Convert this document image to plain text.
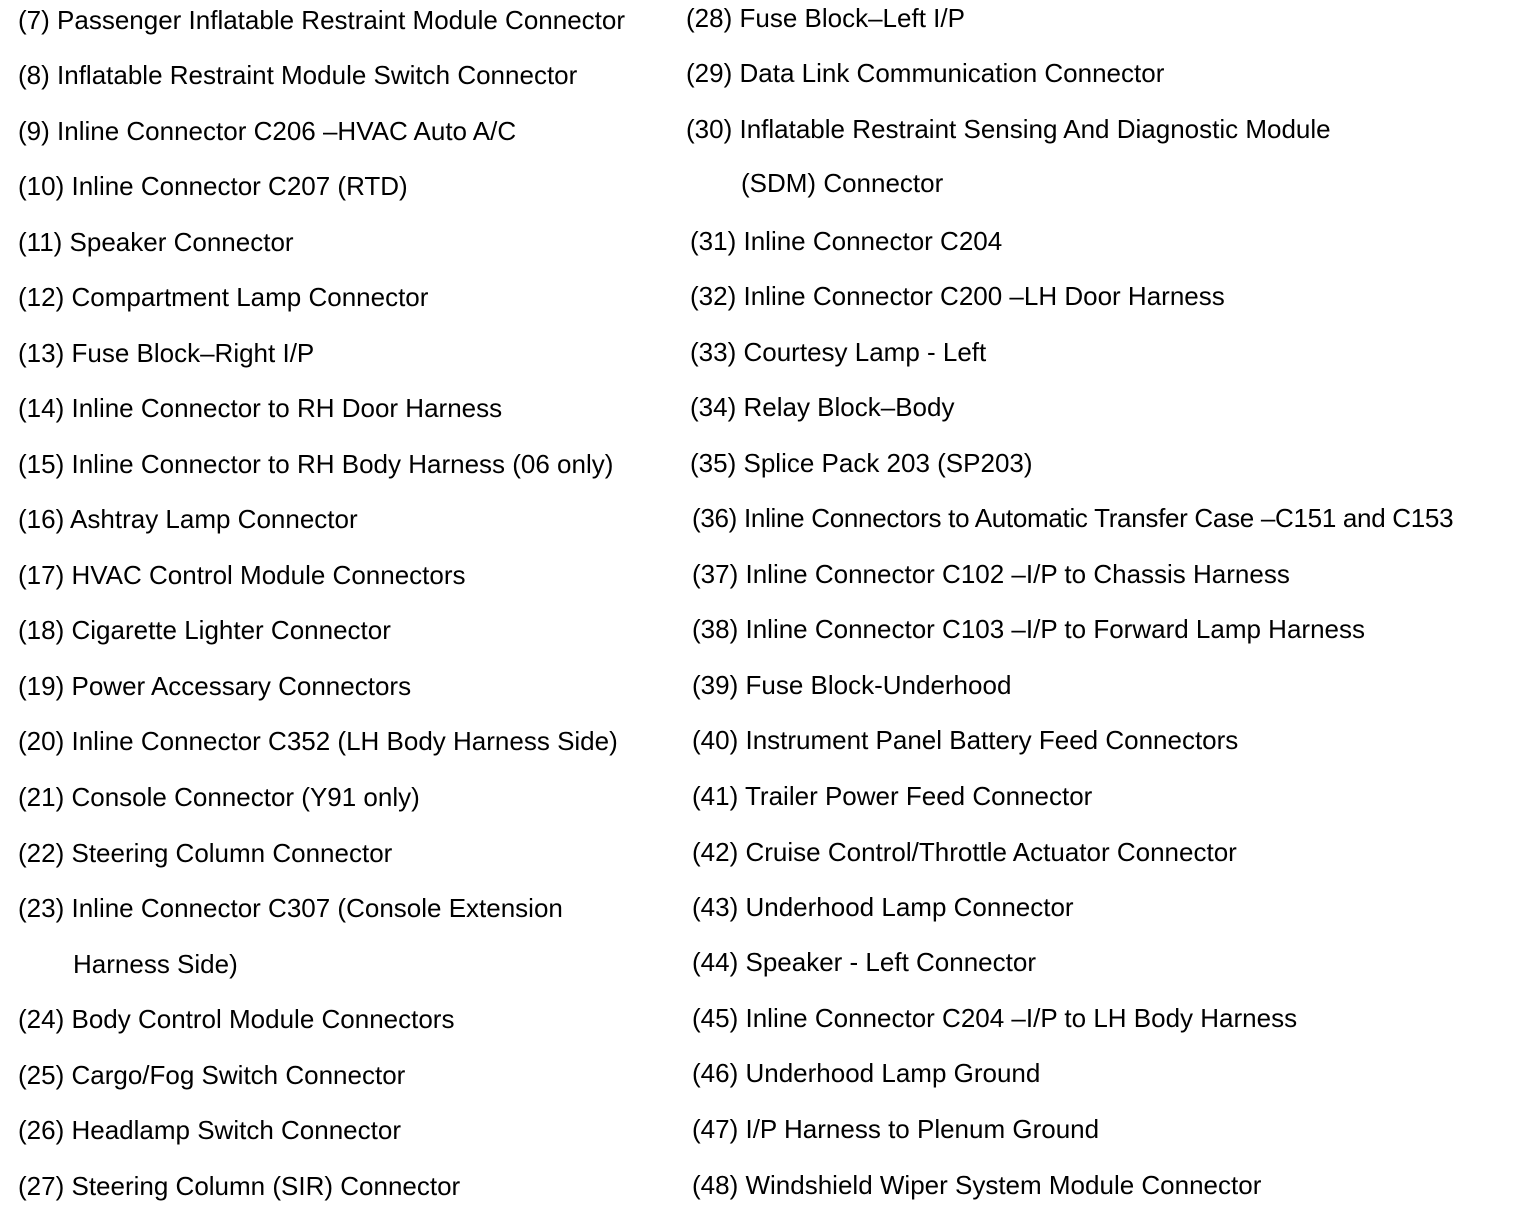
(7) Passenger Inflatable Restraint Module Connector
(8) Inflatable Restraint Module Switch Connector
(9) Inline Connector C206 –HVAC Auto A/C
(10) Inline Connector C207 (RTD)
(11) Speaker Connector
(12) Compartment Lamp Connector
(13) Fuse Block–Right I/P
(14) Inline Connector to RH Door Harness
(15) Inline Connector to RH Body Harness (06 only)
(16) Ashtray Lamp Connector
(17) HVAC Control Module Connectors
(18) Cigarette Lighter Connector
(19) Power Accessary Connectors
(20) Inline Connector C352 (LH Body Harness Side)
(21) Console Connector (Y91 only)
(22) Steering Column Connector
(23) Inline Connector C307 (Console Extension
Harness Side)
(24) Body Control Module Connectors
(25) Cargo/Fog Switch Connector
(26) Headlamp Switch Connector
(27) Steering Column (SIR) Connector
(28) Fuse Block–Left I/P
(29) Data Link Communication Connector
(30) Inflatable Restraint Sensing And Diagnostic Module
(SDM) Connector
(31) Inline Connector C204
(32) Inline Connector C200 –LH Door Harness
(33) Courtesy Lamp - Left
(34) Relay Block–Body
(35) Splice Pack 203 (SP203)
(36) Inline Connectors to Automatic Transfer Case –C151 and C153
(37) Inline Connector C102 –I/P to Chassis Harness
(38) Inline Connector C103 –I/P to Forward Lamp Harness
(39) Fuse Block-Underhood
(40) Instrument Panel Battery Feed Connectors
(41) Trailer Power Feed Connector
(42) Cruise Control/Throttle Actuator Connector
(43) Underhood Lamp Connector
(44) Speaker - Left Connector
(45) Inline Connector C204 –I/P to LH Body Harness
(46) Underhood Lamp Ground
(47) I/P Harness to Plenum Ground
(48) Windshield Wiper System Module Connector
